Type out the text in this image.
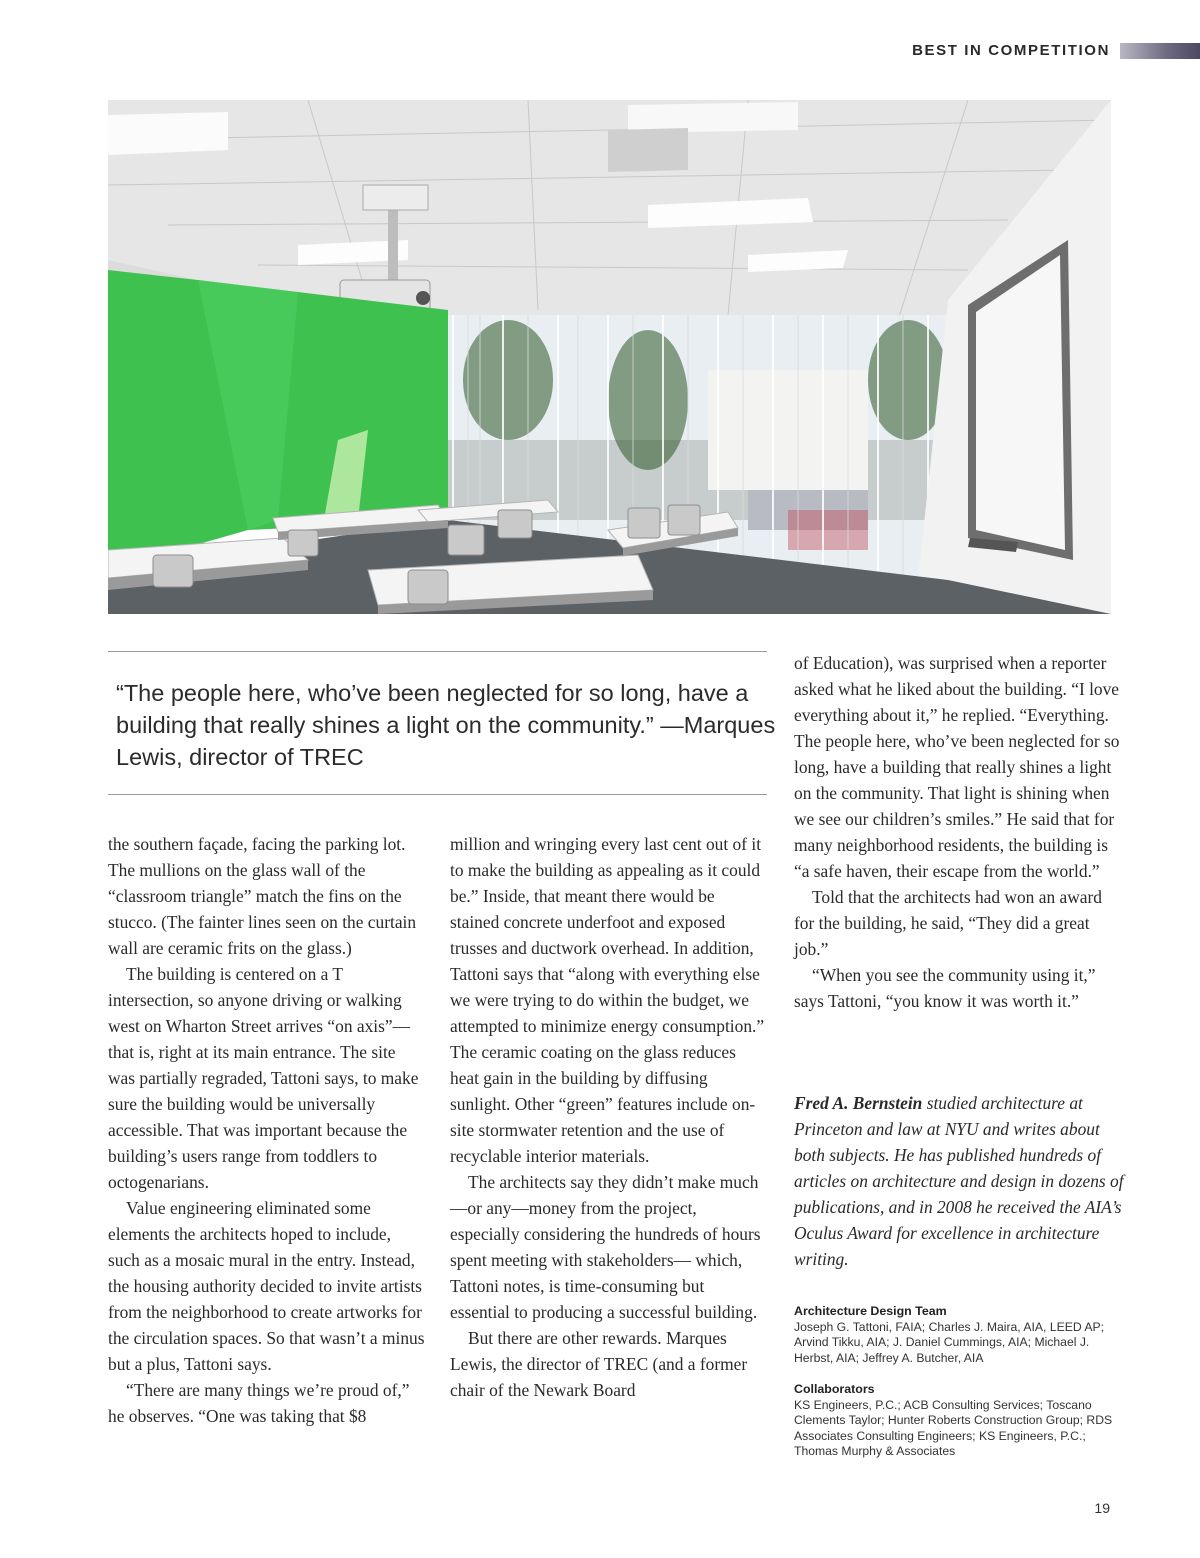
BEST IN COMPETITION
“The people here, who’ve been neglected for so long, have a building that really shines a light on the community.” —Marques Lewis, director of TREC

the southern façade, facing the parking lot. The mullions on the glass wall of the “classroom triangle” match the fins on the stucco. (The fainter lines seen on the curtain wall are ceramic frits on the glass.)

The building is centered on a T intersection, so anyone driving or walking west on Wharton Street arrives “on axis”—that is, right at its main entrance. The site was partially regraded, Tattoni says, to make sure the building would be universally accessible. That was important because the building’s users range from toddlers to octogenarians.

Value engineering eliminated some elements the architects hoped to include, such as a mosaic mural in the entry. Instead, the housing authority decided to invite artists from the neighborhood to create artworks for the circulation spaces. So that wasn’t a minus but a plus, Tattoni says.

“There are many things we’re proud of,” he observes. “One was taking that $8

million and wringing every last cent out of it to make the building as appealing as it could be.” Inside, that meant there would be stained concrete underfoot and exposed trusses and ductwork overhead. In addition, Tattoni says that “along with everything else we were trying to do within the budget, we attempted to minimize energy consumption.” The ceramic coating on the glass reduces heat gain in the building by diffusing sunlight. Other “green” features include on-site stormwater retention and the use of recyclable interior materials.

The architects say they didn’t make much—or any—money from the project, especially considering the hundreds of hours spent meeting with stakeholders— which, Tattoni notes, is time-consuming but essential to producing a successful building.

But there are other rewards. Marques Lewis, the director of TREC (and a former chair of the Newark Board

of Education), was surprised when a reporter asked what he liked about the building. “I love everything about it,” he replied. “Everything. The people here, who’ve been neglected for so long, have a building that really shines a light on the community. That light is shining when we see our children’s smiles.” He said that for many neighborhood residents, the building is “a safe haven, their escape from the world.”

Told that the architects had won an award for the building, he said, “They did a great job.”

“When you see the community using it,” says Tattoni, “you know it was worth it.”

Fred A. Bernstein studied architecture at Princeton and law at NYU and writes about both subjects. He has published hundreds of articles on architecture and design in dozens of publications, and in 2008 he received the AIA’s Oculus Award for excellence in architecture writing.
Architecture Design Team

Joseph G. Tattoni, FAIA; Charles J. Maira, AIA, LEED AP; Arvind Tikku, AIA; J. Daniel Cummings, AIA; Michael J. Herbst, AIA; Jeffrey A. Butcher, AIA

Collaborators

KS Engineers, P.C.; ACB Consulting Services; Toscano Clements Taylor; Hunter Roberts Construction Group; RDS Associates Consulting Engineers; KS Engineers, P.C.; Thomas Murphy & Associates

19
